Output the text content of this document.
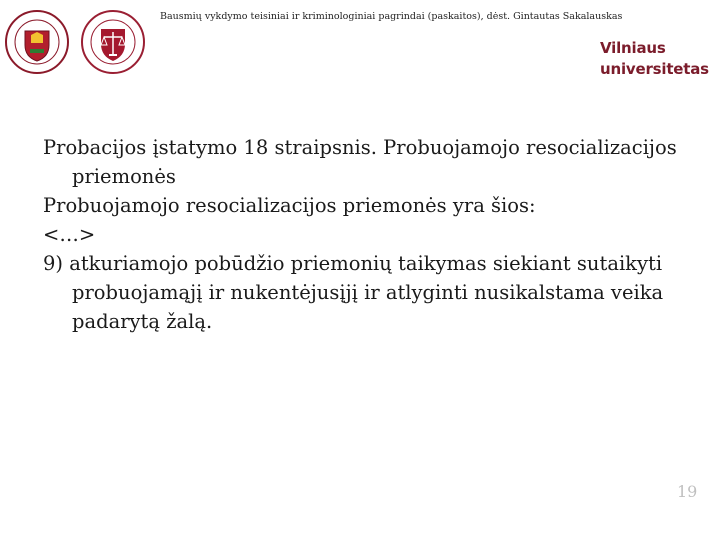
Bausmių vykdymo teisiniai ir kriminologiniai pagrindai (paskaitos), dėst. Gintautas Sakalauskas
Vilniaus
universitetas

Probacijos įstatymo 18 straipsnis. Probuojamojo resocializacijos priemonės

Probuojamojo resocializacijos priemonės yra šios:

<…>

9) atkuriamojo pobūdžio priemonių taikymas siekiant sutaikyti probuojamąjį ir nukentėjusįjį ir atlyginti nusikalstama veika padarytą žalą.

19
